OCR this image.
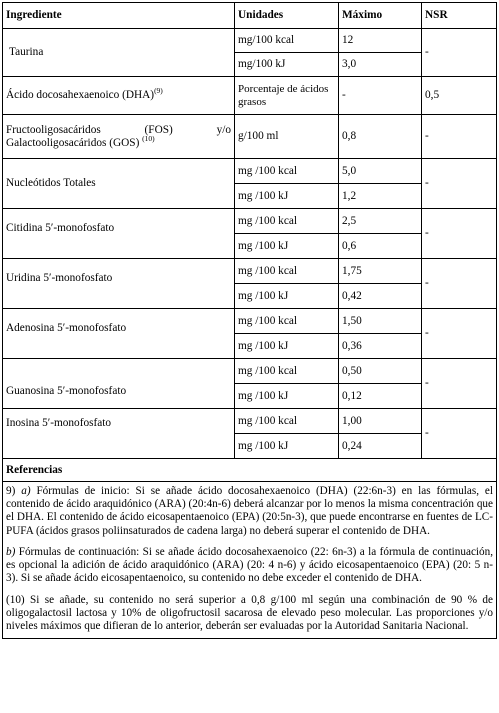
Ingrediente	Unidades	Máximo	NSR
Taurina	mg/100 kcal	12	-
	mg/100 kJ	3,0	
Ácido docosahexaenoico (DHA)$^{(9)}$	Porcentaje de ácidos grasos	-	0,5

Fructooligosacáridos (FOS) y/o
Galactooligosacáridos (GOS) $^{(10)}$	g/100 ml	0,8	-
Nucleótidos Totales	mg /100 kcal	5,0	-
	mg /100 kJ	1,2	
Citidina 5′-monofosfato	mg /100 kcal	2,5	-
	mg /100 kJ	0,6	
Uridina 5′-monofosfato	mg /100 kcal	1,75	-
	mg /100 kJ	0,42	
Adenosina 5′-monofosfato	mg /100 kcal	1,50	-
	mg /100 kJ	0,36	
Guanosina 5′-monofosfato	mg /100 kcal	0,50	-
	mg /100 kJ	0,12	
Inosina 5′-monofosfato	mg /100 kcal	1,00	-
	mg /100 kJ	0,24	
Referencias			

9) a) Fórmulas de inicio: Si se añade ácido docosahexaenoico (DHA) (22:6n-3) en las fórmulas, el contenido de ácido araquidónico (ARA) (20:4n-6) deberá alcanzar por lo menos la misma concentración que el DHA. El contenido de ácido eicosapentaenoico (EPA) (20:5n-3), que puede encontrarse en fuentes de LC-PUFA (ácidos grasos poliinsaturados de cadena larga) no deberá superar el contenido de DHA.

b) Fórmulas de continuación: Si se añade ácido docosahexaenoico (22: 6n-3) a la fórmula de continuación, es opcional la adición de ácido araquidónico (ARA) (20: 4 n-6) y ácido eicosapentaenoico (EPA) (20: 5 n-3). Si se añade ácido eicosapentaenoico, su contenido no debe exceder el contenido de DHA.

(10) Si se añade, su contenido no será superior a 0,8 g/100 ml según una combinación de 90 % de oligogalactosil lactosa y 10% de oligofructosil sacarosa de elevado peso molecular. Las proporciones y/o niveles máximos que difieran de lo anterior, deberán ser evaluadas por la Autoridad Sanitaria Nacional.			
